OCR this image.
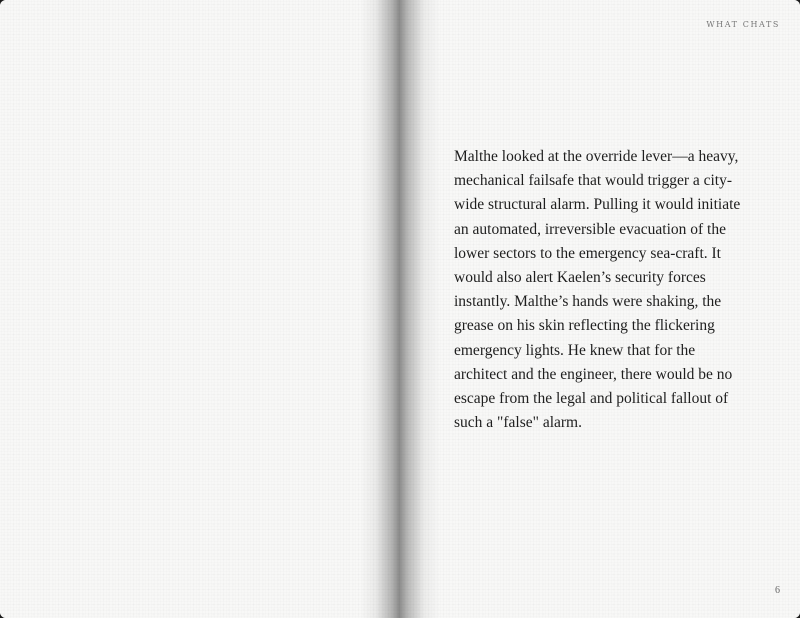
WHAT CHATS

Malthe looked at the override lever—a heavy, mechanical failsafe that would trigger a city-wide structural alarm. Pulling it would initiate an automated, irreversible evacuation of the lower sectors to the emergency sea-craft. It would also alert Kaelen’s security forces instantly. Malthe’s hands were shaking, the grease on his skin reflecting the flickering emergency lights. He knew that for the architect and the engineer, there would be no escape from the legal and political fallout of such a "false" alarm.

6
